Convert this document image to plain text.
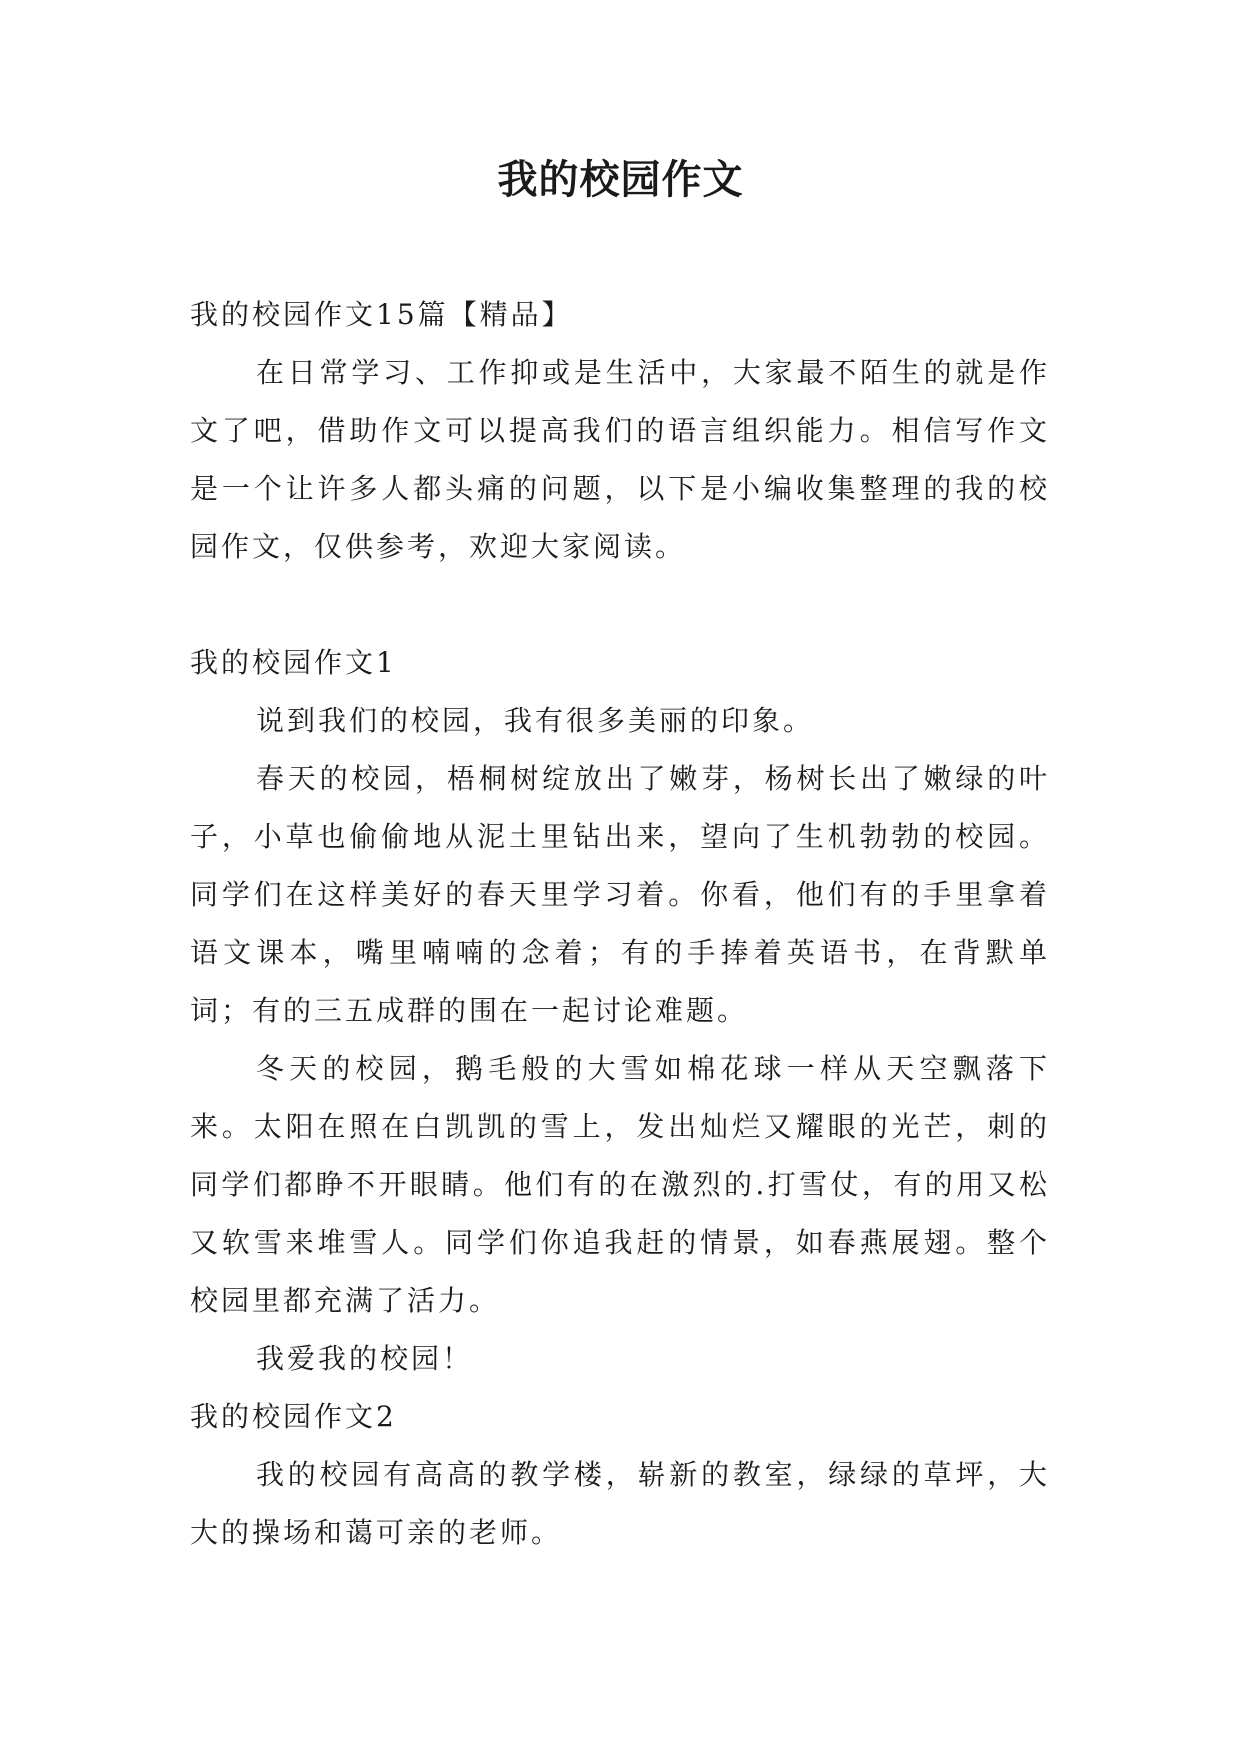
我的校园作文

我的校园作文15篇【精品】

在日常学习、工作抑或是生活中，大家最不陌生的就是作文了吧，借助作文可以提高我们的语言组织能力。相信写作文是一个让许多人都头痛的问题，以下是小编收集整理的我的校园作文，仅供参考，欢迎大家阅读。

我的校园作文1

说到我们的校园，我有很多美丽的印象。

春天的校园，梧桐树绽放出了嫩芽，杨树长出了嫩绿的叶子，小草也偷偷地从泥土里钻出来，望向了生机勃勃的校园。同学们在这样美好的春天里学习着。你看，他们有的手里拿着语文课本，嘴里喃喃的念着；有的手捧着英语书，在背默单词；有的三五成群的围在一起讨论难题。

冬天的校园，鹅毛般的大雪如棉花球一样从天空飘落下来。太阳在照在白凯凯的雪上，发出灿烂又耀眼的光芒，刺的同学们都睁不开眼睛。他们有的在激烈的.打雪仗，有的用又松又软雪来堆雪人。同学们你追我赶的情景，如春燕展翅。整个校园里都充满了活力。

我爱我的校园！

我的校园作文2

我的校园有高高的教学楼，崭新的教室，绿绿的草坪，大大的操场和蔼可亲的老师。
